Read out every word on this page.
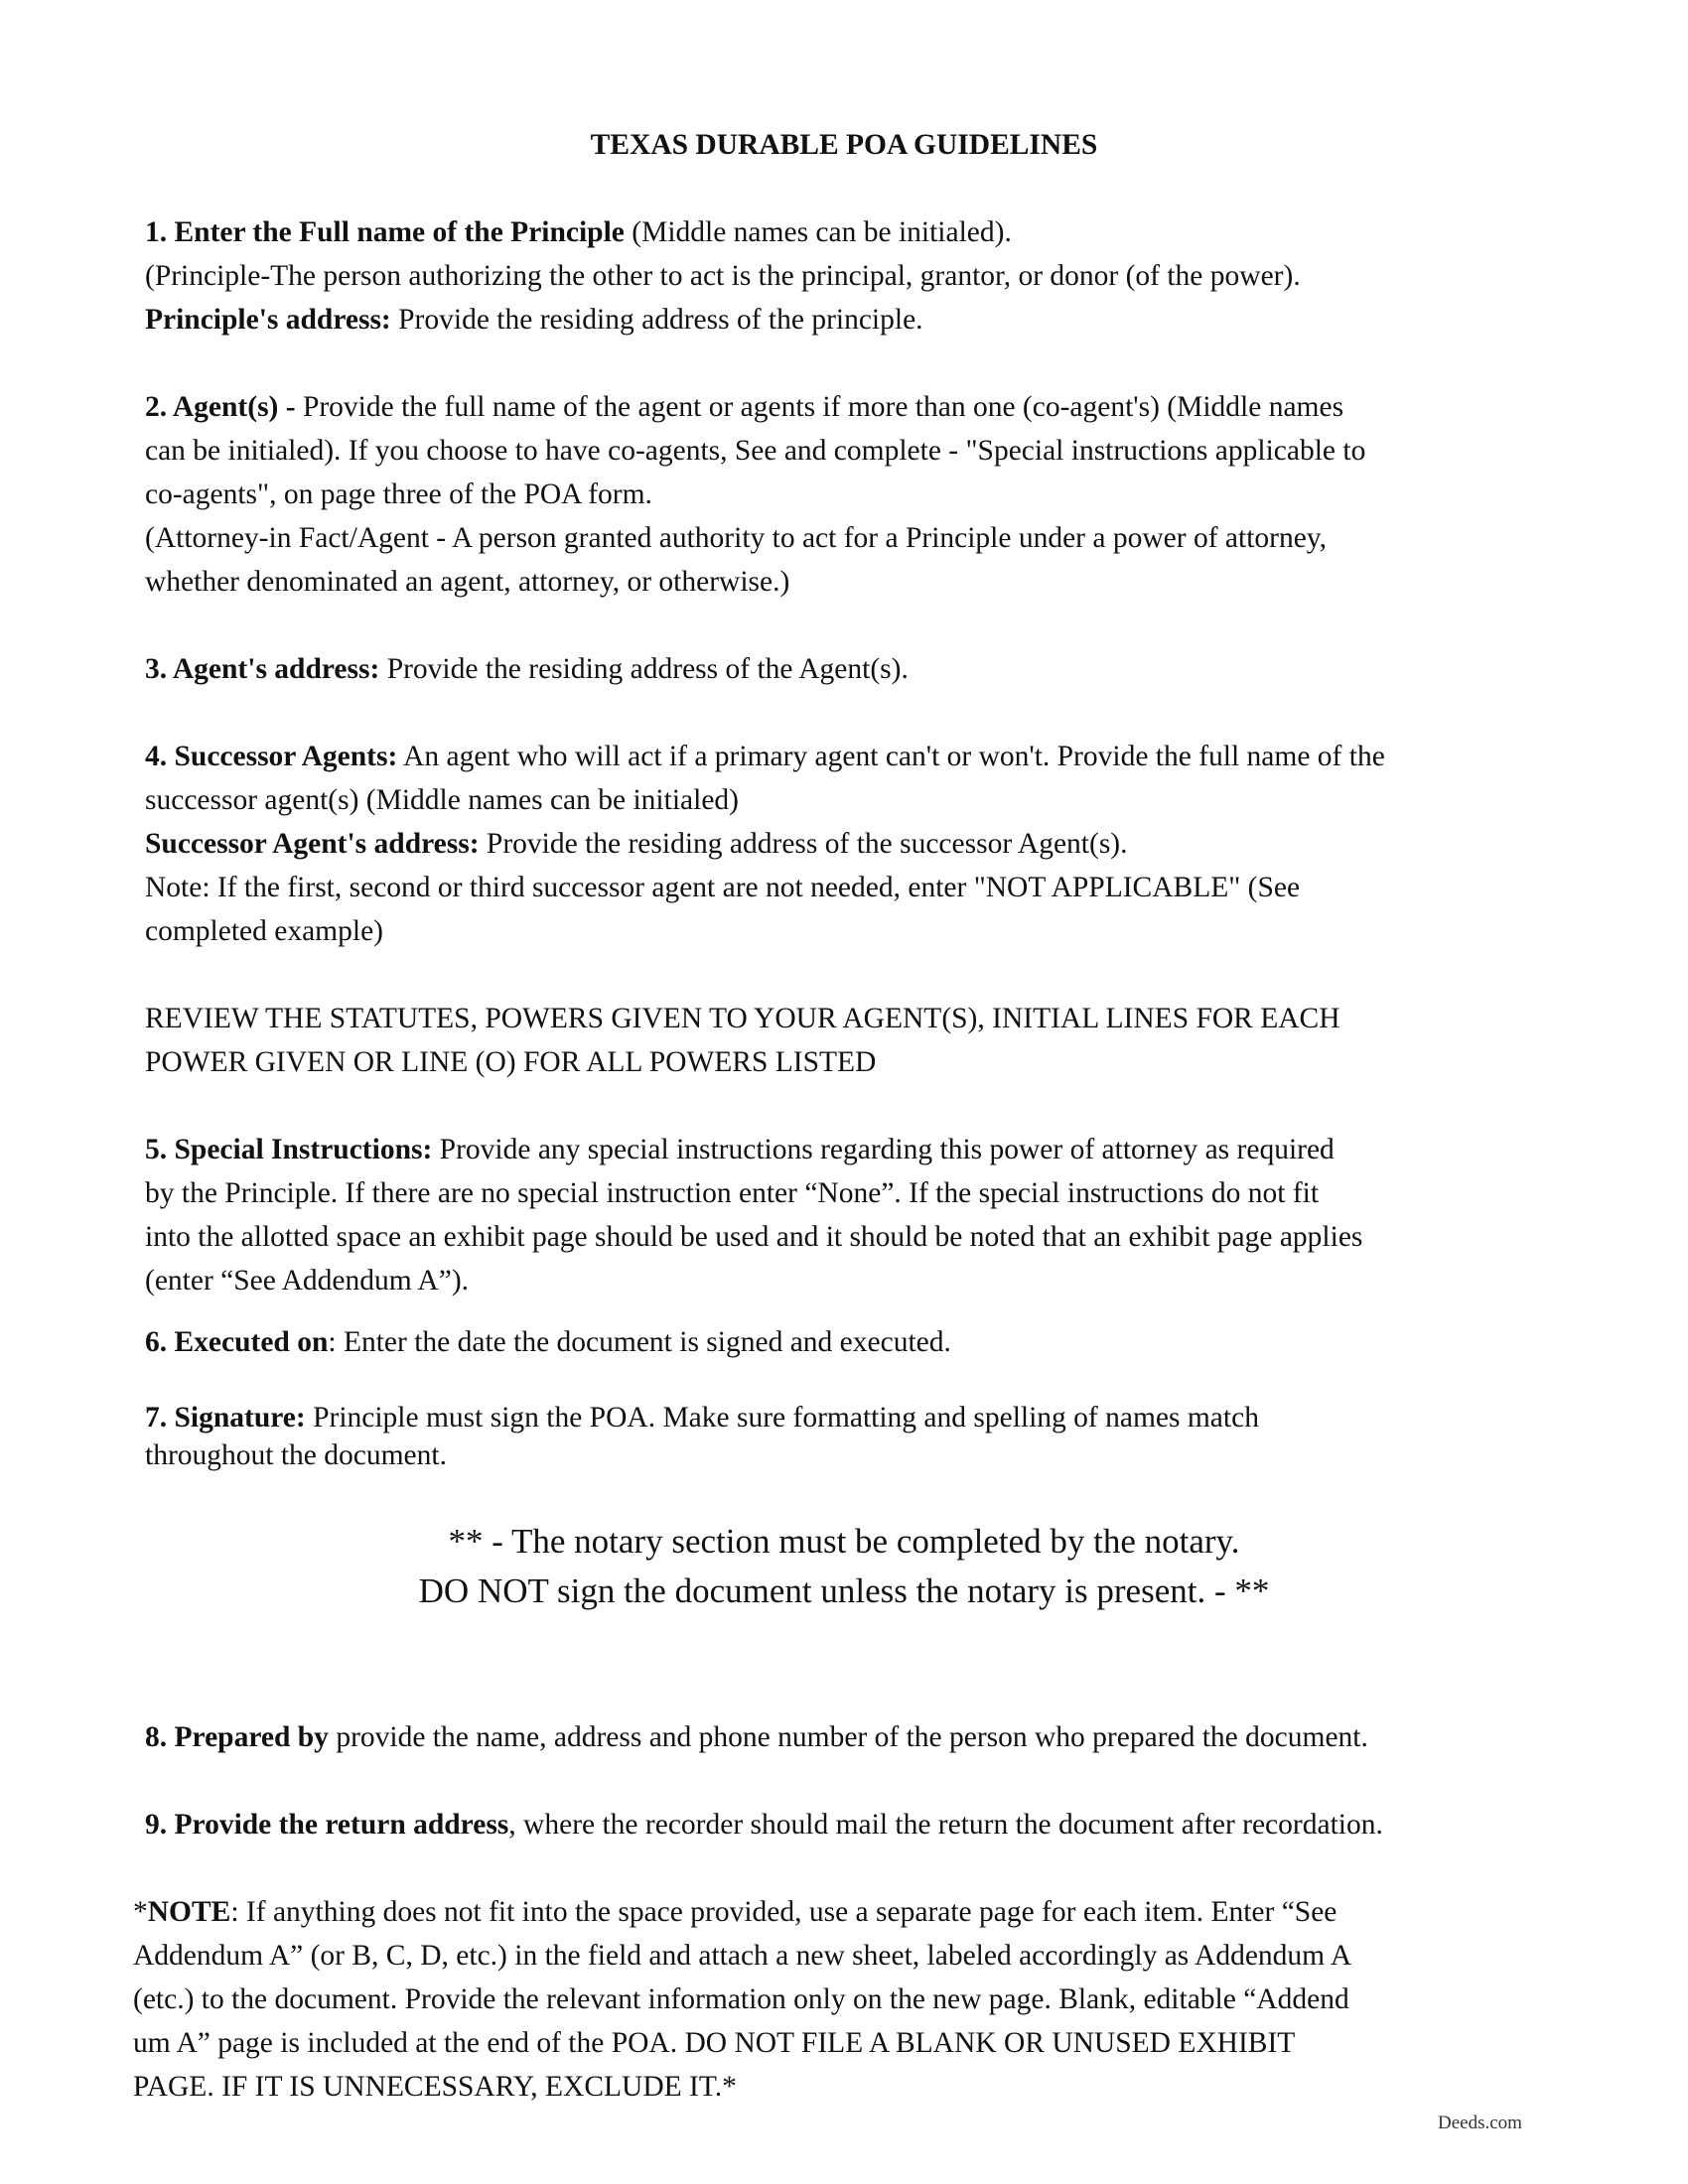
TEXAS DURABLE POA GUIDELINES
1. Enter the Full name of the Principle (Middle names can be initialed).
(Principle-The person authorizing the other to act is the principal, grantor, or donor (of the power).
Principle's address: Provide the residing address of the principle.
2. Agent(s) - Provide the full name of the agent or agents if more than one (co-agent's) (Middle names
can be initialed). If you choose to have co-agents, See and complete - "Special instructions applicable to
co-agents", on page three of the POA form.
(Attorney-in Fact/Agent - A person granted authority to act for a Principle under a power of attorney,
whether denominated an agent, attorney, or otherwise.)
3. Agent's address: Provide the residing address of the Agent(s).
4. Successor Agents: An agent who will act if a primary agent can't or won't. Provide the full name of the
successor agent(s) (Middle names can be initialed)
Successor Agent's address: Provide the residing address of the successor Agent(s).
Note: If the first, second or third successor agent are not needed, enter "NOT APPLICABLE" (See
completed example)
REVIEW THE STATUTES, POWERS GIVEN TO YOUR AGENT(S), INITIAL LINES FOR EACH
POWER GIVEN OR LINE (O) FOR ALL POWERS LISTED
5. Special Instructions: Provide any special instructions regarding this power of attorney as required
by the Principle. If there are no special instruction enter “None”. If the special instructions do not fit
into the allotted space an exhibit page should be used and it should be noted that an exhibit page applies
(enter “See Addendum A”).
6. Executed on: Enter the date the document is signed and executed.
7. Signature: Principle must sign the POA. Make sure formatting and spelling of names match
throughout the document.
** - The notary section must be completed by the notary.
DO NOT sign the document unless the notary is present. - **
8. Prepared by provide the name, address and phone number of the person who prepared the document.
9. Provide the return address, where the recorder should mail the return the document after recordation.
*NOTE: If anything does not fit into the space provided, use a separate page for each item. Enter “See
Addendum A” (or B, C, D, etc.) in the field and attach a new sheet, labeled accordingly as Addendum A
(etc.) to the document. Provide the relevant information only on the new page. Blank, editable “Addend
um A” page is included at the end of the POA. DO NOT FILE A BLANK OR UNUSED EXHIBIT
PAGE. IF IT IS UNNECESSARY, EXCLUDE IT.*
Deeds.com
